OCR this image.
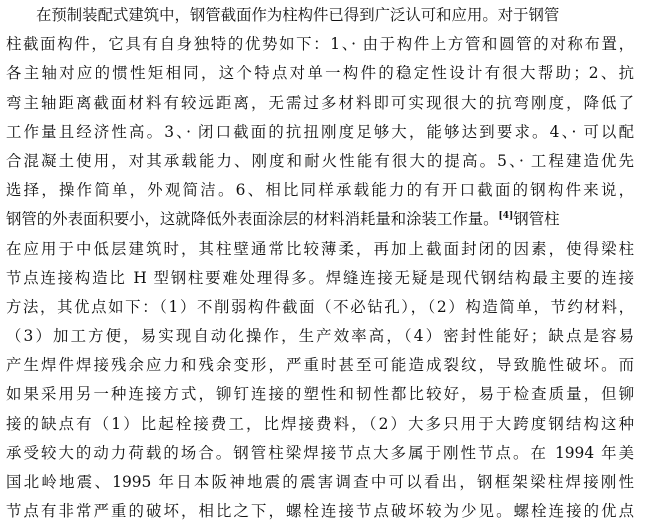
在预制装配式建筑中，钢管截面作为柱构件已得到广泛认可和应用。对于钢管
柱截面构件，它具有自身独特的优势如下：1、· 由于构件上方管和圆管的对称布置，
各主轴对应的惯性矩相同，这个特点对单一构件的稳定性设计有很大帮助；2、抗
弯主轴距离截面材料有较远距离，无需过多材料即可实现很大的抗弯刚度，降低了
工作量且经济性高。3、· 闭口截面的抗扭刚度足够大，能够达到要求。4、· 可以配
合混凝土使用，对其承载能力、刚度和耐火性能有很大的提高。5、· 工程建造优先
选择，操作简单，外观简洁。6、相比同样承载能力的有开口截面的钢构件来说，
钢管的外表面积要小，这就降低外表面涂层的材料消耗量和涂装工作量。[4]钢管柱
在应用于中低层建筑时，其柱壁通常比较薄柔，再加上截面封闭的因素，使得梁柱
节点连接构造比 H 型钢柱要难处理得多。焊缝连接无疑是现代钢结构最主要的连接
方法，其优点如下：（1）不削弱构件截面（不必钻孔），（2）构造简单，节约材料，
（3）加工方便，易实现自动化操作，生产效率高，（4）密封性能好；缺点是容易
产生焊件焊接残余应力和残余变形，严重时甚至可能造成裂纹，导致脆性破坏。而
如果采用另一种连接方式，铆钉连接的塑性和韧性都比较好，易于检查质量，但铆
接的缺点有（1）比起栓接费工，比焊接费料，（2）大多只用于大跨度钢结构这种
承受较大的动力荷载的场合。钢管柱梁焊接节点大多属于刚性节点。在 1994 年美
国北岭地震、1995 年日本阪神地震的震害调查中可以看出，钢框架梁柱焊接刚性
节点有非常严重的破坏，相比之下，螺栓连接节点破坏较为少见。螺栓连接的优点
